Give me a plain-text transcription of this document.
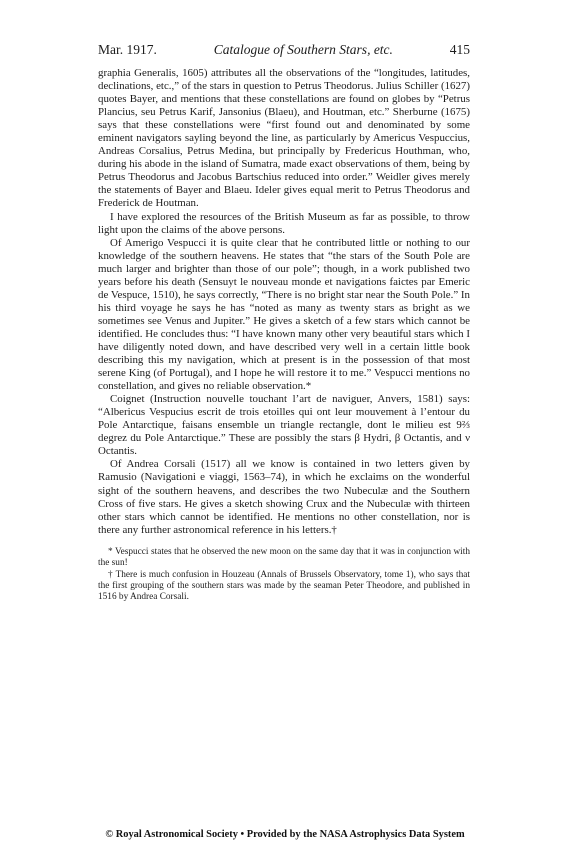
Mar. 1917.	Catalogue of Southern Stars, etc.	415

graphia Generalis, 1605) attributes all the observations of the “longitudes, latitudes, declinations, etc.,” of the stars in question to Petrus Theodorus. Julius Schiller (1627) quotes Bayer, and mentions that these constellations are found on globes by “Petrus Plancius, seu Petrus Karif, Jansonius (Blaeu), and Houtman, etc.” Sherburne (1675) says that these constellations were “first found out and denominated by some eminent navigators sayling beyond the line, as particularly by Americus Vespuccius, Andreas Corsalius, Petrus Medina, but principally by Fredericus Houthman, who, during his abode in the island of Sumatra, made exact observations of them, being by Petrus Theodorus and Jacobus Bartschius reduced into order.” Weidler gives merely the statements of Bayer and Blaeu. Ideler gives equal merit to Petrus Theodorus and Frederick de Houtman.

I have explored the resources of the British Museum as far as possible, to throw light upon the claims of the above persons.

Of Amerigo Vespucci it is quite clear that he contributed little or nothing to our knowledge of the southern heavens. He states that “the stars of the South Pole are much larger and brighter than those of our pole”; though, in a work published two years before his death (Sensuyt le nouveau monde et navigations faictes par Emeric de Vespuce, 1510), he says correctly, “There is no bright star near the South Pole.” In his third voyage he says he has “noted as many as twenty stars as bright as we sometimes see Venus and Jupiter.” He gives a sketch of a few stars which cannot be identified. He concludes thus: “I have known many other very beautiful stars which I have diligently noted down, and have described very well in a certain little book describing this my navigation, which at present is in the possession of that most serene King (of Portugal), and I hope he will restore it to me.” Vespucci mentions no constellation, and gives no reliable observation.*

Coignet (Instruction nouvelle touchant l’art de naviguer, Anvers, 1581) says: “Albericus Vespucius escrit de trois etoilles qui ont leur mouvement à l’entour du Pole Antarctique, faisans ensemble un triangle rectangle, dont le milieu est 9⅔ degrez du Pole Antarctique.” These are possibly the stars β Hydri, β Octantis, and ν Octantis.

Of Andrea Corsali (1517) all we know is contained in two letters given by Ramusio (Navigationi e viaggi, 1563–74), in which he exclaims on the wonderful sight of the southern heavens, and describes the two Nubeculæ and the Southern Cross of five stars. He gives a sketch showing Crux and the Nubeculæ with thirteen other stars which cannot be identified. He mentions no other constellation, nor is there any further astronomical reference in his letters.†

* Vespucci states that he observed the new moon on the same day that it was in conjunction with the sun!

† There is much confusion in Houzeau (Annals of Brussels Observatory, tome 1), who says that the first grouping of the southern stars was made by the seaman Peter Theodore, and published in 1516 by Andrea Corsali.

© Royal Astronomical Society • Provided by the NASA Astrophysics Data System
